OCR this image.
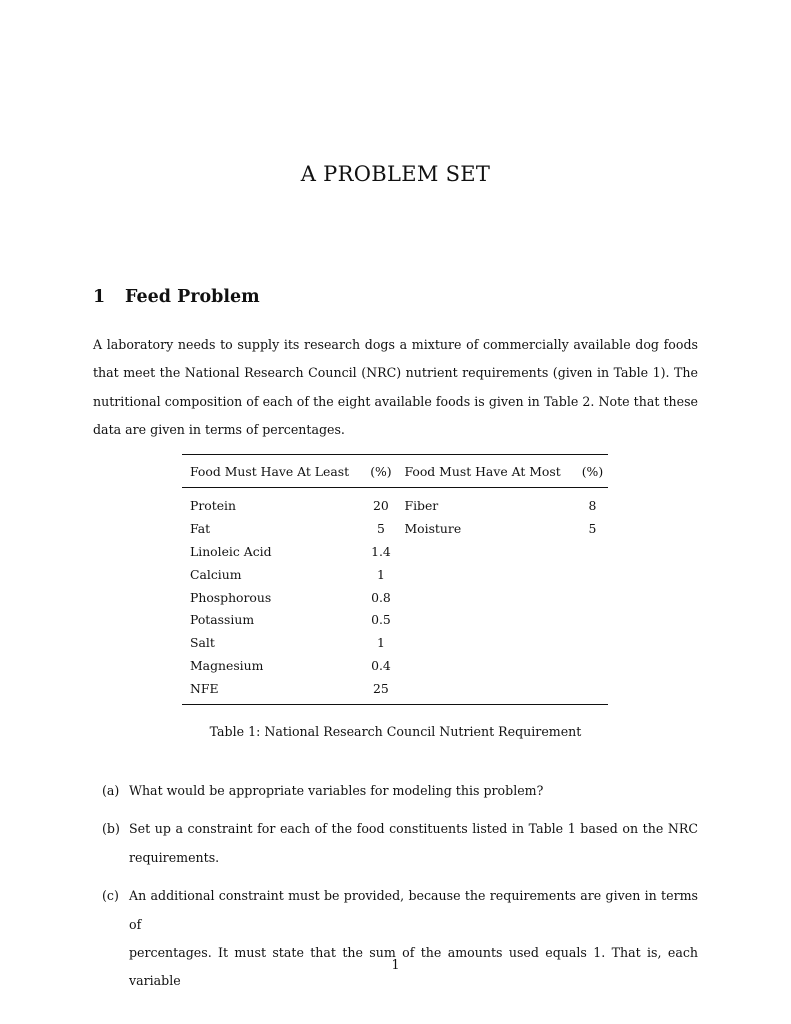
A PROBLEM SET
1 Feed Problem
A laboratory needs to supply its research dogs a mixture of commercially available dog foods
that meet the National Research Council (NRC) nutrient requirements (given in Table 1). The
nutritional composition of each of the eight available foods is given in Table 2. Note that these
data are given in terms of percentages.
Food Must Have At Least	(%)	Food Must Have At Most	(%)
Protein	20	Fiber	8
Fat	5	Moisture	5
Linoleic Acid	1.4		
Calcium	1		
Phosphorous	0.8		
Potassium	0.5		
Salt	1		
Magnesium	0.4		
NFE	25		

Table 1: National Research Council Nutrient Requirement

(a) What would be appropriate variables for modeling this problem?
(b) Set up a constraint for each of the food constituents listed in Table 1 based on the NRC
requirements.
(c) An additional constraint must be provided, because the requirements are given in terms of
percentages. It must state that the sum of the amounts used equals 1. That is, each variable

1
